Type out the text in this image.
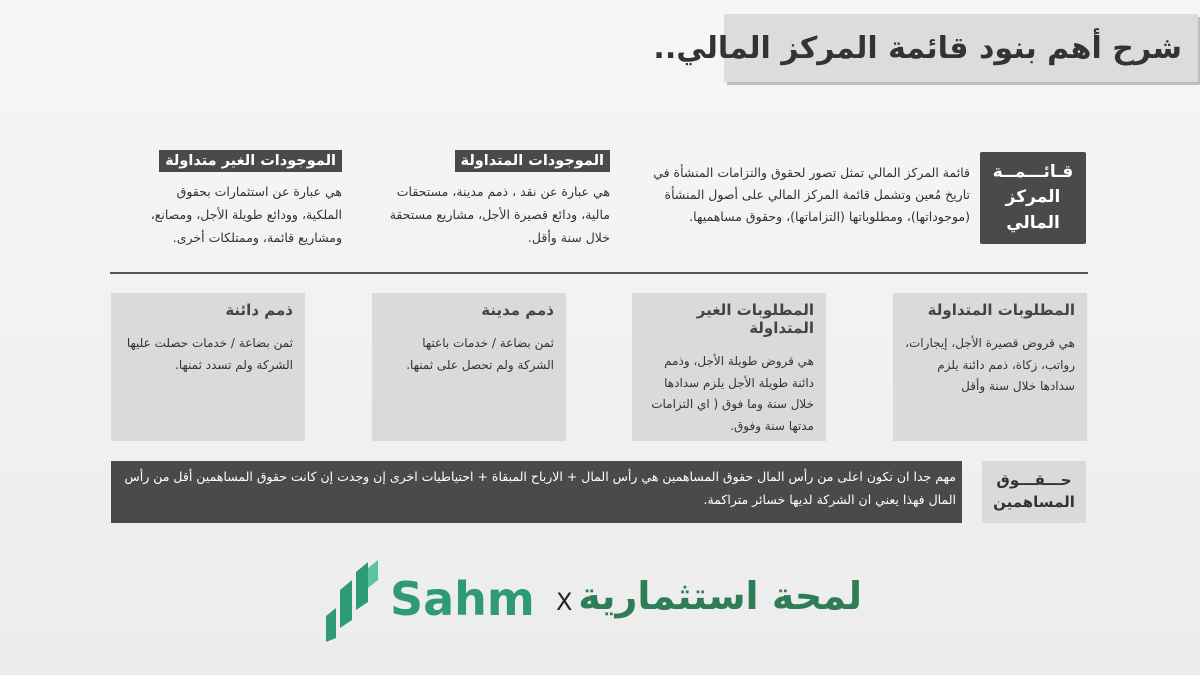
شرح أهم بنود قائمة المركز المالي..
قـائـــمــة المركز المالي
قائمة المركز المالي تمثل تصور لحقوق والتزامات المنشأة في تاريخ مُعين وتشمل قائمة المركز المالي على أصول المنشأة (موجوداتها)، ومطلوباتها (التزاماتها)، وحقوق مساهميها.
الموجودات المتداولة
هي عبارة عن نقد ، ذمم مدينة، مستحقات مالية، ودائع قصيرة الأجل، مشاريع مستحقة خلال سنة وأقل.
الموجودات الغير متداولة
هي عبارة عن استثمارات بحقوق الملكية، وودائع طويلة الأجل، ومصانع، ومشاريع قائمة، وممتلكات أخرى.
المطلوبات المتداولة
هي قروض قصيرة الأجل، إيجارات، رواتب، زكاة، ذمم دائنة يلزم سدادها خلال سنة وأقل
المطلوبات الغير المتداولة
هي قروض طويلة الأجل، وذمم دائنة طويلة الأجل يلزم سدادها خلال سنة وما فوق ( اي التزامات مدتها سنة وفوق.
ذمم مدينة
ثمن بضاعة / خدمات باعتها الشركة ولم تحصل على ثمنها.
ذمم دائنة
ثمن بضاعة / خدمات حصلت عليها الشركة ولم تسدد ثمنها.
حـــقـــوق المساهمين
مهم جدا ان تكون اعلى من رأس المال حقوق المساهمين هي رأس المال + الارباح المبقاة + احتياطيات اخرى إن وجدت إن كانت حقوق المساهمين أقل من رأس المال فهذا يعني ان الشركة لديها خسائر متراكمة.
Sahm X لمحة استثمارية
